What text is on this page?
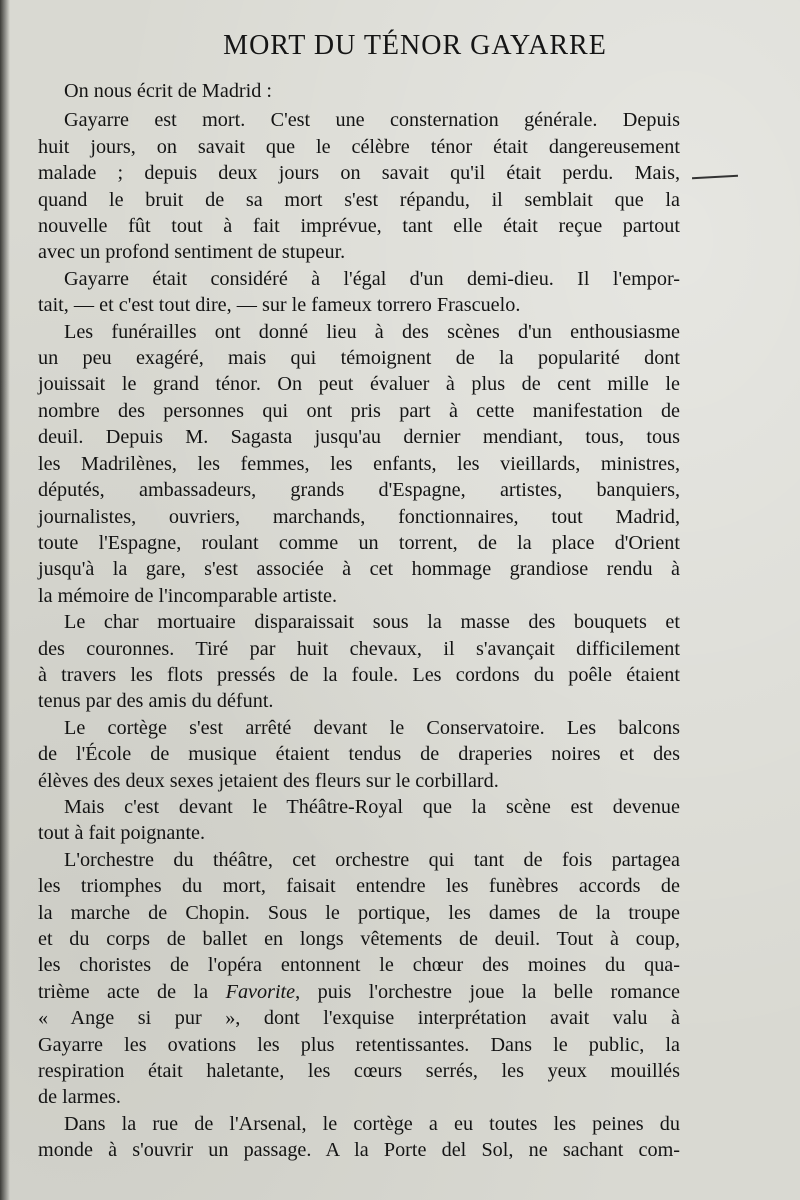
MORT DU TÉNOR GAYARRE

On nous écrit de Madrid :

Gayarre est mort. C'est une consternation générale. Depuis
huit jours, on savait que le célèbre ténor était dangereusement
malade ; depuis deux jours on savait qu'il était perdu. Mais,
quand le bruit de sa mort s'est répandu, il semblait que la
nouvelle fût tout à fait imprévue, tant elle était reçue partout
avec un profond sentiment de stupeur.

Gayarre était considéré à l'égal d'un demi-dieu. Il l'empor-
tait, — et c'est tout dire, — sur le fameux torrero Frascuelo.

Les funérailles ont donné lieu à des scènes d'un enthousiasme
un peu exagéré, mais qui témoignent de la popularité dont
jouissait le grand ténor. On peut évaluer à plus de cent mille le
nombre des personnes qui ont pris part à cette manifestation de
deuil. Depuis M. Sagasta jusqu'au dernier mendiant, tous, tous
les Madrilènes, les femmes, les enfants, les vieillards, ministres,
députés, ambassadeurs, grands d'Espagne, artistes, banquiers,
journalistes, ouvriers, marchands, fonctionnaires, tout Madrid,
toute l'Espagne, roulant comme un torrent, de la place d'Orient
jusqu'à la gare, s'est associée à cet hommage grandiose rendu à
la mémoire de l'incomparable artiste.

Le char mortuaire disparaissait sous la masse des bouquets et
des couronnes. Tiré par huit chevaux, il s'avançait difficilement
à travers les flots pressés de la foule. Les cordons du poêle étaient
tenus par des amis du défunt.

Le cortège s'est arrêté devant le Conservatoire. Les balcons
de l'École de musique étaient tendus de draperies noires et des
élèves des deux sexes jetaient des fleurs sur le corbillard.

Mais c'est devant le Théâtre-Royal que la scène est devenue
tout à fait poignante.

L'orchestre du théâtre, cet orchestre qui tant de fois partagea
les triomphes du mort, faisait entendre les funèbres accords de
la marche de Chopin. Sous le portique, les dames de la troupe
et du corps de ballet en longs vêtements de deuil. Tout à coup,
les choristes de l'opéra entonnent le chœur des moines du qua-
trième acte de la Favorite, puis l'orchestre joue la belle romance
« Ange si pur », dont l'exquise interprétation avait valu à
Gayarre les ovations les plus retentissantes. Dans le public, la
respiration était haletante, les cœurs serrés, les yeux mouillés
de larmes.

Dans la rue de l'Arsenal, le cortège a eu toutes les peines du
monde à s'ouvrir un passage. A la Porte del Sol, ne sachant com-
